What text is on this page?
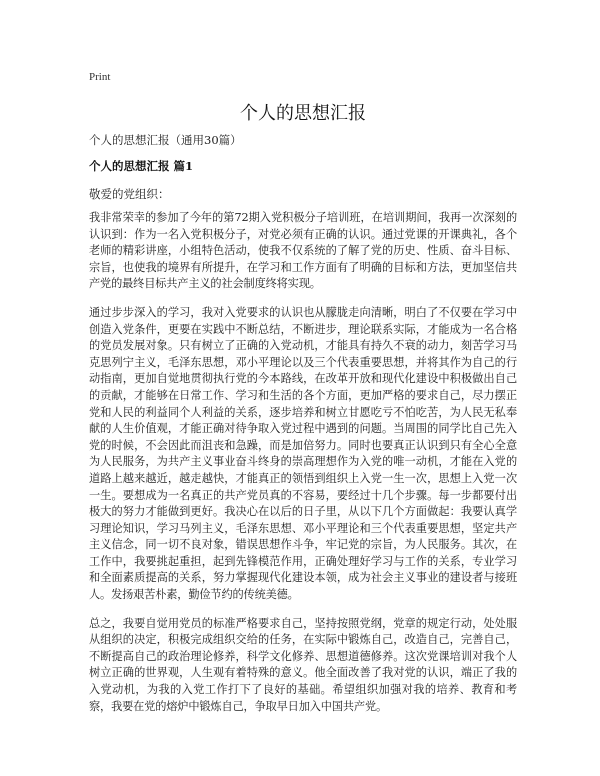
Print
个人的思想汇报
个人的思想汇报（通用30篇）
个人的思想汇报 篇1
敬爱的党组织：

我非常荣幸的参加了今年的第72期入党积极分子培训班，在培训期间，我再一次深刻的认识到：作为一名入党积极分子，对党必须有正确的认识。通过党课的开课典礼，各个老师的精彩讲座，小组特色活动，使我不仅系统的了解了党的历史、性质、奋斗目标、宗旨，也使我的境界有所提升，在学习和工作方面有了明确的目标和方法，更加坚信共产党的最终目标共产主义的社会制度终将实现。

通过步步深入的学习，我对入党要求的认识也从朦胧走向清晰，明白了不仅要在学习中创造入党条件，更要在实践中不断总结，不断进步，理论联系实际，才能成为一名合格的党员发展对象。只有树立了正确的入党动机，才能具有持久不衰的动力，刻苦学习马克思列宁主义，毛泽东思想，邓小平理论以及三个代表重要思想，并将其作为自己的行动指南，更加自觉地贯彻执行党的今本路线，在改革开放和现代化建设中积极做出自己的贡献，才能够在日常工作、学习和生活的各个方面，更加严格的要求自己，尽力摆正党和人民的利益同个人利益的关系，逐步培养和树立甘愿吃亏不怕吃苦，为人民无私奉献的人生价值观，才能正确对待争取入党过程中遇到的问题。当周围的同学比自己先入党的时候，不会因此而沮丧和急躁，而是加倍努力。同时也要真正认识到只有全心全意为人民服务，为共产主义事业奋斗终身的崇高理想作为入党的唯一动机，才能在入党的道路上越来越近，越走越快，才能真正的领悟到组织上入党一生一次，思想上入党一次一生。要想成为一名真正的共产党员真的不容易，要经过十几个步骤。每一步都要付出极大的努力才能做到更好。我决心在以后的日子里，从以下几个方面做起：我要认真学习理论知识，学习马列主义，毛泽东思想、邓小平理论和三个代表重要思想，坚定共产主义信念，同一切不良对象，错误思想作斗争，牢记党的宗旨，为人民服务。其次，在工作中，我要挑起重担，起到先锋模范作用，正确处理好学习与工作的关系，专业学习和全面素质提高的关系，努力掌握现代化建设本领，成为社会主义事业的建设者与接班人。发扬艰苦朴素，勤俭节约的传统美德。

总之，我要自觉用党员的标准严格要求自己，坚持按照党纲，党章的规定行动，处处服从组织的决定，积极完成组织交给的任务，在实际中锻炼自己，改造自己，完善自己，不断提高自己的政治理论修养，科学文化修养、思想道德修养。这次党课培训对我个人树立正确的世界观，人生观有着特殊的意义。他全面改善了我对党的认识，端正了我的入党动机，为我的入党工作打下了良好的基础。希望组织加强对我的培养、教育和考察，我要在党的熔炉中锻炼自己，争取早日加入中国共产党。
